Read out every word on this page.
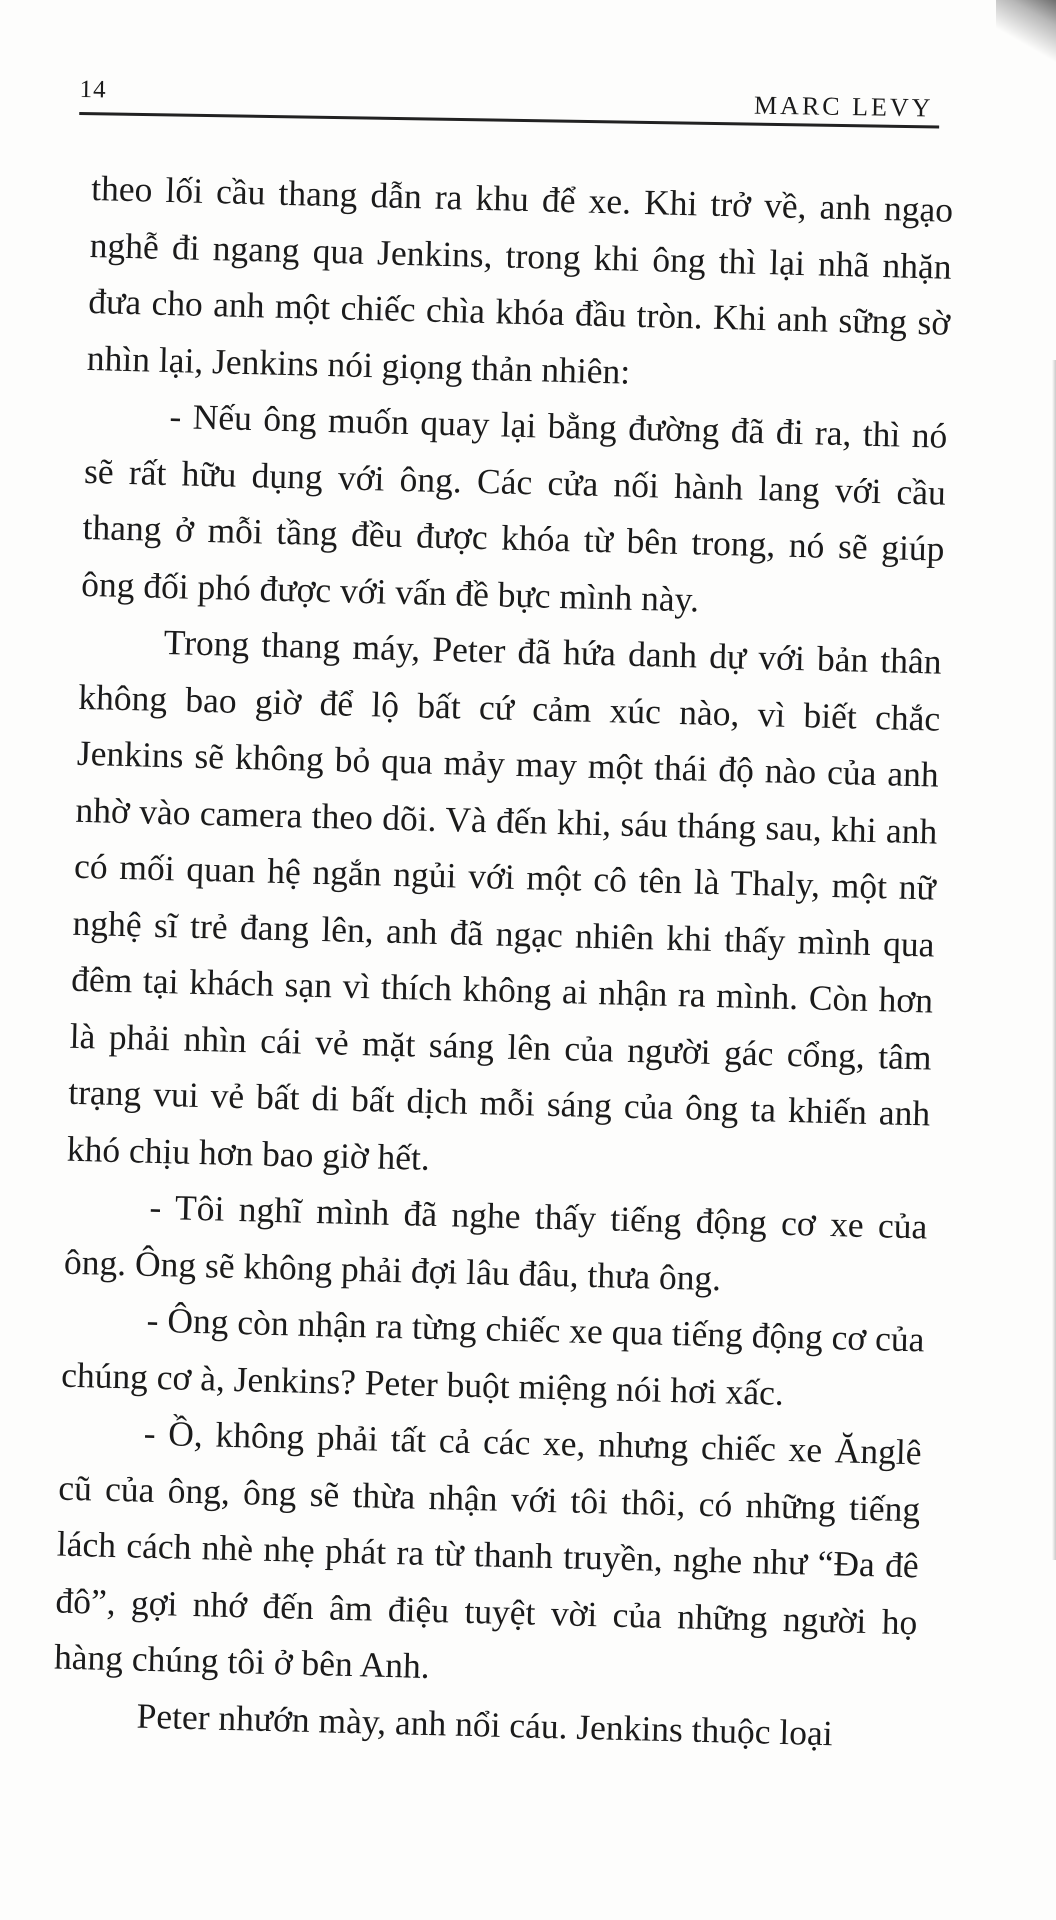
14
MARC LEVY

theo lối cầu thang dẫn ra khu để xe. Khi trở về, anh ngạo nghễ đi ngang qua Jenkins, trong khi ông thì lại nhã nhặn đưa cho anh một chiếc chìa khóa đầu tròn. Khi anh sững sờ nhìn lại, Jenkins nói giọng thản nhiên:

- Nếu ông muốn quay lại bằng đường đã đi ra, thì nó sẽ rất hữu dụng với ông. Các cửa nối hành lang với cầu thang ở mỗi tầng đều được khóa từ bên trong, nó sẽ giúp ông đối phó được với vấn đề bực mình này.

Trong thang máy, Peter đã hứa danh dự với bản thân không bao giờ để lộ bất cứ cảm xúc nào, vì biết chắc Jenkins sẽ không bỏ qua mảy may một thái độ nào của anh nhờ vào camera theo dõi. Và đến khi, sáu tháng sau, khi anh có mối quan hệ ngắn ngủi với một cô tên là Thaly, một nữ nghệ sĩ trẻ đang lên, anh đã ngạc nhiên khi thấy mình qua đêm tại khách sạn vì thích không ai nhận ra mình. Còn hơn là phải nhìn cái vẻ mặt sáng lên của người gác cổng, tâm trạng vui vẻ bất di bất dịch mỗi sáng của ông ta khiến anh khó chịu hơn bao giờ hết.

- Tôi nghĩ mình đã nghe thấy tiếng động cơ xe của ông. Ông sẽ không phải đợi lâu đâu, thưa ông.

- Ông còn nhận ra từng chiếc xe qua tiếng động cơ của chúng cơ à, Jenkins? Peter buột miệng nói hơi xấc.

- Ồ, không phải tất cả các xe, nhưng chiếc xe Ănglê cũ của ông, ông sẽ thừa nhận với tôi thôi, có những tiếng lách cách nhè nhẹ phát ra từ thanh truyền, nghe như “Đa đê đô”, gợi nhớ đến âm điệu tuyệt vời của những người họ hàng chúng tôi ở bên Anh.

Peter nhướn mày, anh nổi cáu. Jenkins thuộc loại
